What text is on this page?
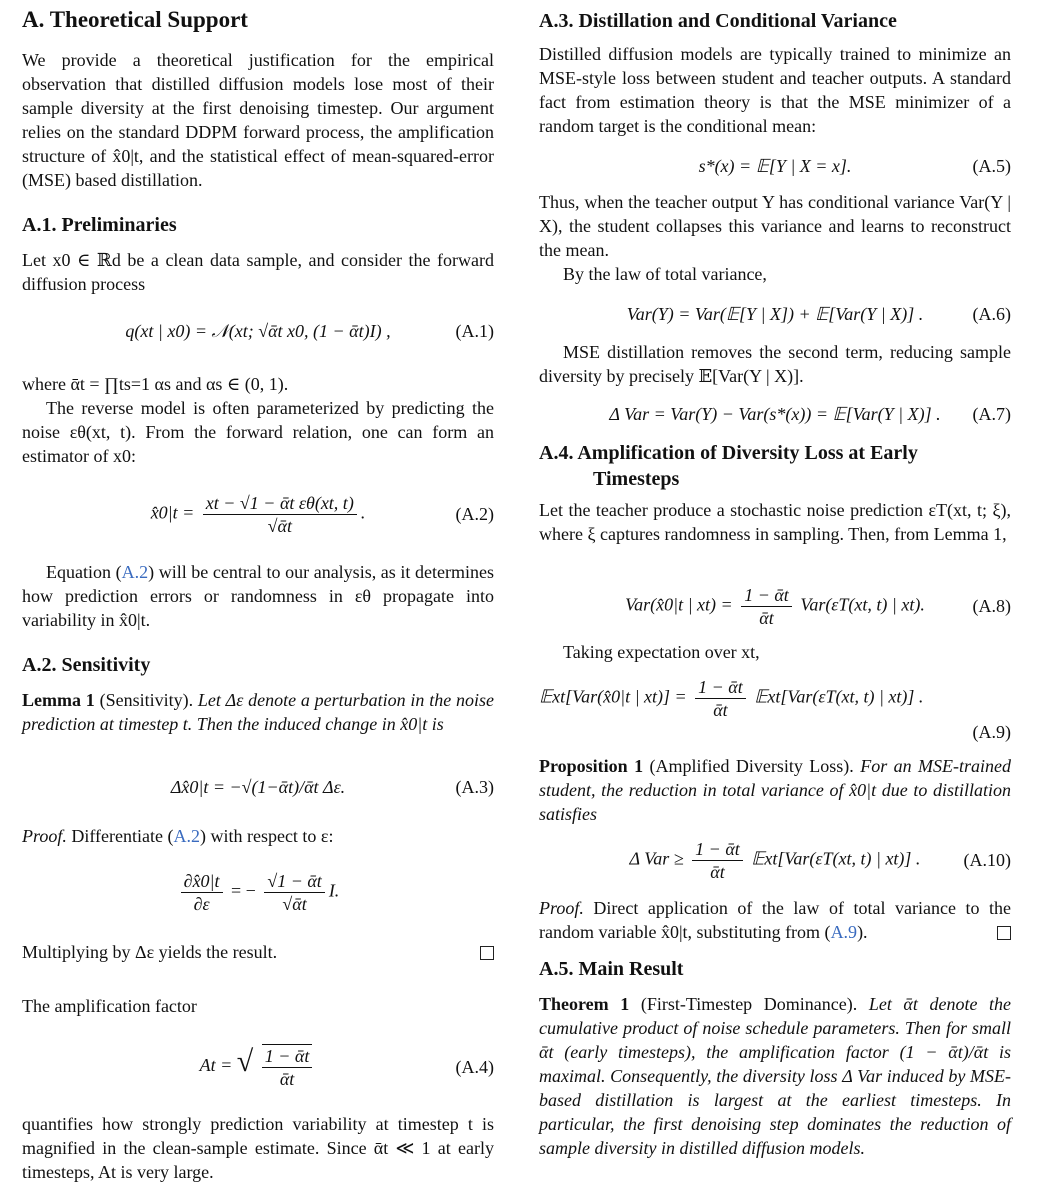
A. Theoretical Support

We provide a theoretical justification for the empirical observation that distilled diffusion models lose most of their sample diversity at the first denoising timestep. Our argument relies on the standard DDPM forward process, the amplification structure of x̂0|t, and the statistical effect of mean-squared-error (MSE) based distillation.

A.1. Preliminaries

Let x0 ∈ ℝd be a clean data sample, and consider the forward diffusion process

q(xt | x0) = 𝒩(xt; √ᾱt x0, (1 − ᾱt)I) ,	(A.1)

where ᾱt = ∏ts=1 αs and αs ∈ (0, 1).

The reverse model is often parameterized by predicting the noise εθ(xt, t). From the forward relation, one can form an estimator of x0:

x̂0|t = $\frac{\text{xt − √1 − ᾱt εθ(xt, t)}}{\text{√ᾱt}}$ .	(A.2)

Equation (A.2) will be central to our analysis, as it determines how prediction errors or randomness in εθ propagate into variability in x̂0|t.

A.2. Sensitivity

Lemma 1 (Sensitivity). Let Δε denote a perturbation in the noise prediction at timestep t. Then the induced change in x̂0|t is

Δx̂0|t = −√(1−ᾱt)/ᾱt Δε.	(A.3)

Proof. Differentiate (A.2) with respect to ε:

$\frac{\partial x̂0|t}{\partial\varepsilon}$ = − $\frac{\text{√1 − ᾱt}}{\text{√ᾱt}} I$.

Multiplying by Δε yields the result.

The amplification factor

At = √ $\frac{\text{1 − ᾱt}}{\text{ᾱt}}$	(A.4)

quantifies how strongly prediction variability at timestep t is magnified in the clean-sample estimate. Since ᾱt ≪ 1 at early timesteps, At is very large.

A.3. Distillation and Conditional Variance

Distilled diffusion models are typically trained to minimize an MSE-style loss between student and teacher outputs. A standard fact from estimation theory is that the MSE minimizer of a random target is the conditional mean:

s*(x) = 𝔼[Y | X = x].	(A.5)

Thus, when the teacher output Y has conditional variance Var(Y | X), the student collapses this variance and learns to reconstruct the mean.

By the law of total variance,

Var(Y) = Var(𝔼[Y | X]) + 𝔼[Var(Y | X)] .	(A.6)

MSE distillation removes the second term, reducing sample diversity by precisely 𝔼[Var(Y | X)].

Δ Var = Var(Y) − Var(s*(x)) = 𝔼[Var(Y | X)] .	(A.7)
A.4. Amplification of Diversity Loss at Early
Timesteps

Let the teacher produce a stochastic noise prediction εT(xt, t; ξ), where ξ captures randomness in sampling. Then, from Lemma 1,

Var(x̂0|t | $xt) = \frac{\text{1 − ᾱt}}{\text{ᾱt}} Var(\varepsilon T(xt$, t) | xt).	(A.8)

Taking expectation over xt,

𝔼xt[Var(x̂0|t | $xt)] = \frac{\text{1 − ᾱt}}{\text{ᾱt}}$ 𝔼xt[Var(εT(xt, t) | xt)] .
(A.9)

Proposition 1 (Amplified Diversity Loss). For an MSE-trained student, the reduction in total variance of x̂0|t due to distillation satisfies

Δ Var ≥ $\frac{\text{1 − ᾱt}}{\text{ᾱt}}$ 𝔼xt[Var(εT(xt, t) | xt)] .	(A.10)

Proof. Direct application of the law of total variance to the random variable x̂0|t, substituting from (A.9).

A.5. Main Result

Theorem 1 (First-Timestep Dominance). Let ᾱt denote the cumulative product of noise schedule parameters. Then for small ᾱt (early timesteps), the amplification factor (1 − ᾱt)/ᾱt is maximal. Consequently, the diversity loss Δ Var induced by MSE-based distillation is largest at the earliest timesteps. In particular, the first denoising step dominates the reduction of sample diversity in distilled diffusion models.
